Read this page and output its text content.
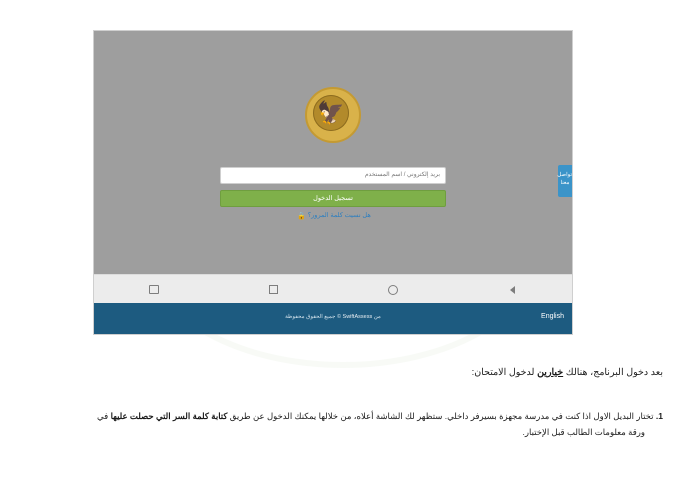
🦅
بريد إلكتروني / اسم المستخدم
تسجيل الدخول
هل نسيت كلمة المرور؟ 🔒
تواصل معنا
من SwiftAssess © جميع الحقوق محفوظة	English
بعد دخول البرنامج، هنالك خيارين لدخول الامتحان:
1. تختار البديل الاول اذا كنت في مدرسة مجهزة بسيرفر داخلي. ستظهر لك الشاشة أعلاه، من خلالها يمكنك الدخول عن طريق كتابة كلمة السر التي حصلت عليها في
ورقة معلومات الطالب قبل الإختبار.
